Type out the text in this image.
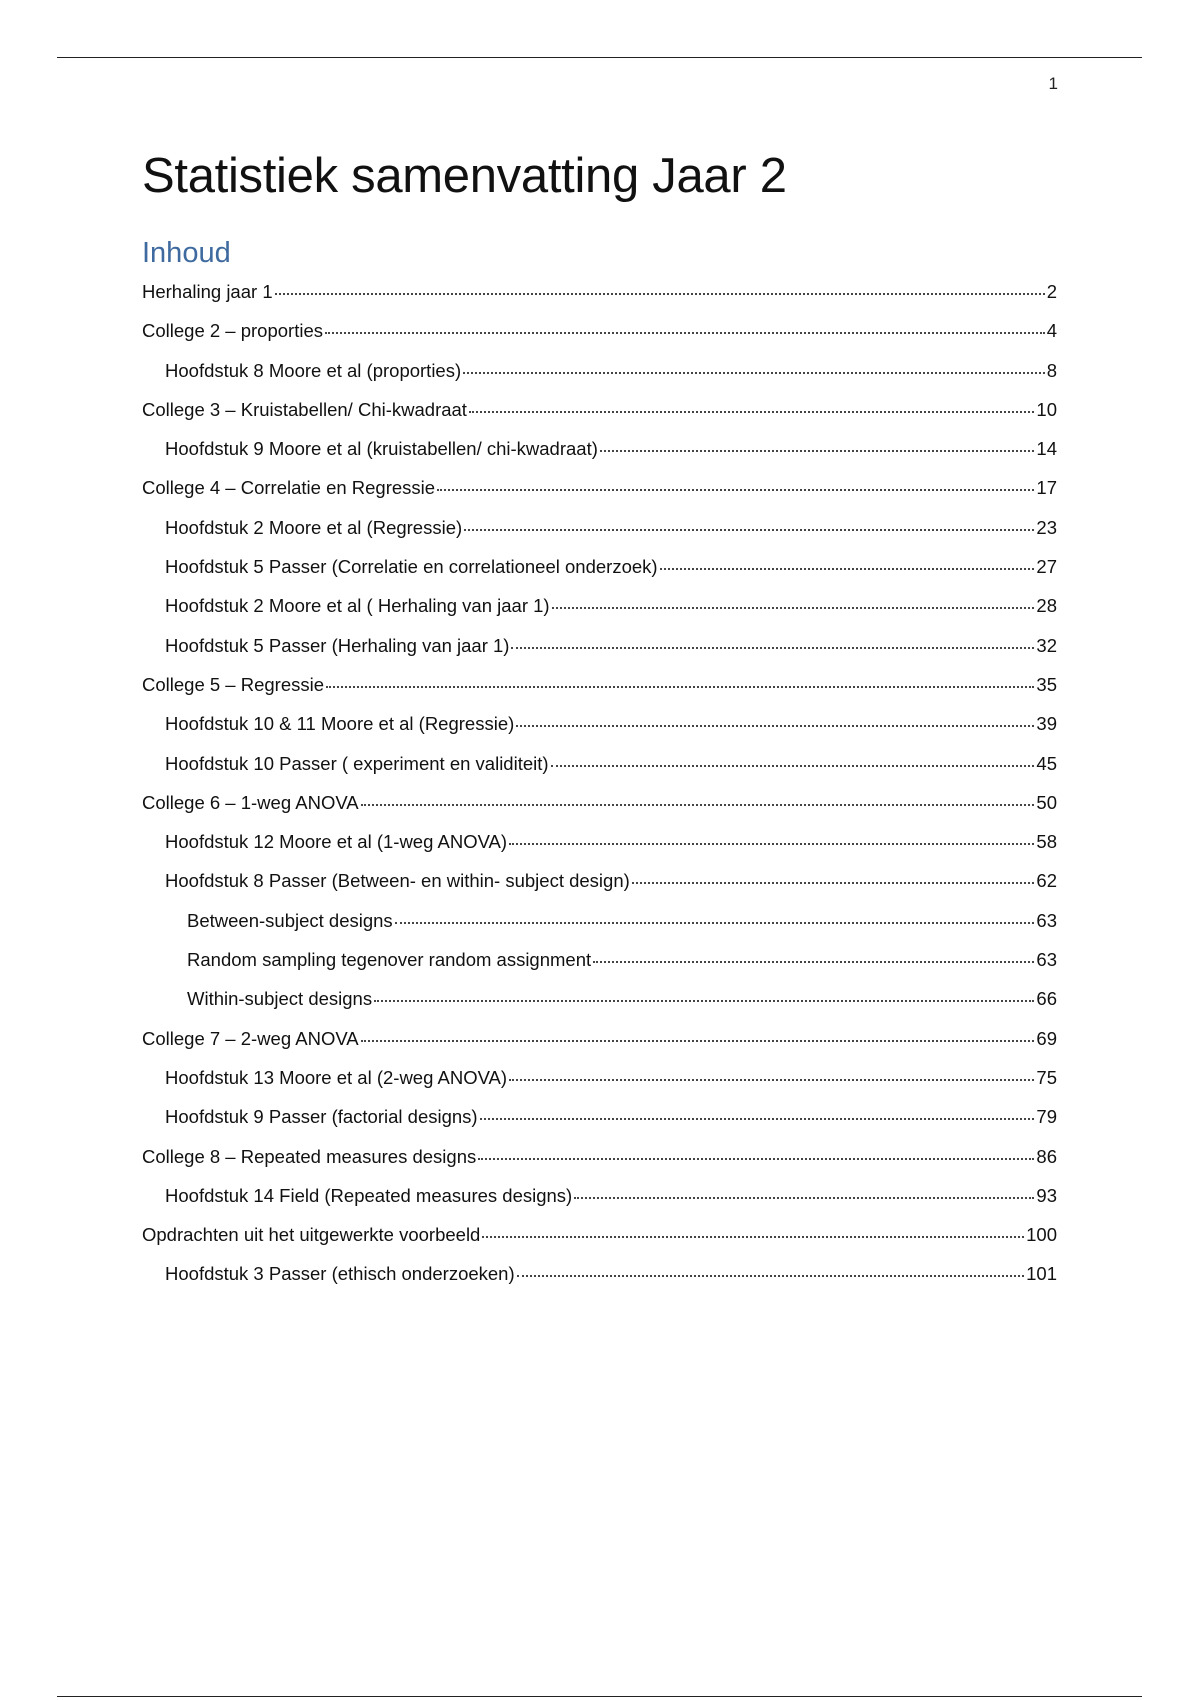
1
Statistiek samenvatting Jaar 2
Inhoud
Herhaling jaar 1	2
College 2 – proporties	4
Hoofdstuk 8 Moore et al (proporties)	8
College 3 – Kruistabellen/ Chi-kwadraat	10
Hoofdstuk 9 Moore et al (kruistabellen/ chi-kwadraat)	14
College 4 – Correlatie en Regressie	17
Hoofdstuk 2 Moore et al (Regressie)	23
Hoofdstuk 5 Passer (Correlatie en correlationeel onderzoek)	27
Hoofdstuk 2 Moore et al ( Herhaling van jaar 1)	28
Hoofdstuk 5 Passer (Herhaling van jaar 1)	32
College 5 – Regressie	35
Hoofdstuk 10 & 11 Moore et al (Regressie)	39
Hoofdstuk 10 Passer ( experiment en validiteit)	45
College 6 – 1-weg ANOVA	50
Hoofdstuk 12 Moore et al (1-weg ANOVA)	58
Hoofdstuk 8 Passer (Between- en within- subject design)	62
Between-subject designs	63
Random sampling tegenover random assignment	63
Within-subject designs	66
College 7 – 2-weg ANOVA	69
Hoofdstuk 13 Moore et al (2-weg ANOVA)	75
Hoofdstuk 9 Passer (factorial designs)	79
College 8 – Repeated measures designs	86
Hoofdstuk 14 Field (Repeated measures designs)	93
Opdrachten uit het uitgewerkte voorbeeld	100
Hoofdstuk 3 Passer (ethisch onderzoeken)	101
